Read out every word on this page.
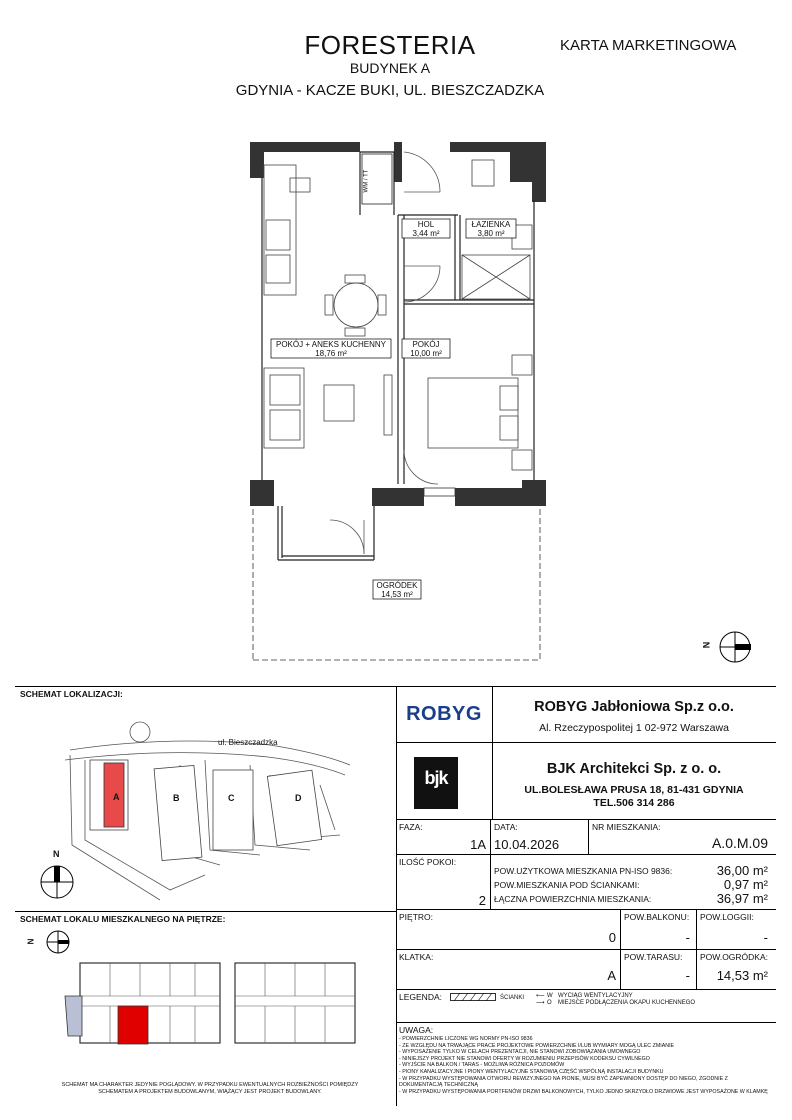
FORESTERIA
BUDYNEK A
GDYNIA - KACZE BUKI, UL. BIESZCZADZKA
KARTA MARKETINGOWA
WM / TT
HOL
3,44 m²
ŁAZIENKA
3,80 m²
POKÓJ + ANEKS KUCHENNY
18,76 m²
POKÓJ
10,00 m²
OGRÓDEK
14,53 m²
N
SCHEMAT LOKALIZACJI:
ul. Bieszczadzka
A	B	C	D
N
SCHEMAT LOKALU MIESZKALNEGO NA PIĘTRZE:
N
SCHEMAT MA CHARAKTER JEDYNIE POGLĄDOWY. W PRZYPADKU EWENTUALNYCH ROZBIEŻNOŚCI POMIĘDZY SCHEMATEM A PROJEKTEM BUDOWLANYM, WIĄŻĄCY JEST PROJEKT BUDOWLANY.
ROBYG	ROBYG Jabłoniowa Sp.z o.o.
Al. Rzeczypospolitej 1 02-972 Warszawa
bjk	BJK Architekci Sp. z o. o.
UL.BOLESŁAWA PRUSA 18, 81-431 GDYNIA
TEL.506 314 286
FAZA:
1A
DATA:
10.04.2026
NR MIESZKANIA:
A.0.M.09
ILOŚĆ POKOI:
2
POW.UŻYTKOWA MIESZKANIA PN-ISO 9836:	36,00 m²
POW.MIESZKANIA POD ŚCIANKAMI:	0,97 m²
ŁĄCZNA POWIERZCHNIA MIESZKANIA:	36,97 m²
PIĘTRO:
0
POW.BALKONU:
-
POW.LOGGII:
-
KLATKA:
A
POW.TARASU:
-
POW.OGRÓDKA:
14,53 m²
LEGENDA:	ŚCIANKI ⟵ W
⟶ O
WYCIĄG WENTYLACYJNY
MIEJSCE PODŁĄCZENIA OKAPU KUCHENNEGO
UWAGA:
- POWIERZCHNIE LICZONE WG NORMY PN-ISO 9836
- ZE WZGLĘDU NA TRWAJĄCE PRACE PROJEKTOWE POWIERZCHNIE I/LUB WYMIARY MOGĄ ULEC ZMIANIE
- WYPOSAŻENIE TYLKO W CELACH PREZENTACJI, NIE STANOWI ZOBOWIĄZANIA UMOWNEGO
- NINIEJSZY PROJEKT NIE STANOWI OFERTY W ROZUMIENIU PRZEPISÓW KODEKSU CYWILNEGO
- WYJŚCIE NA BALKON / TARAS - MOŻLIWA RÓŻNICA POZIOMÓW
- PIONY KANALIZACYJNE I PIONY WENTYLACYJNE STANOWIĄ CZĘŚĆ WSPÓLNĄ INSTALACJI BUDYNKU
- W PRZYPADKU WYSTĘPOWANIA OTWORU REWIZYJNEGO NA PIONIE, MUSI BYĆ ZAPEWNIONY DOSTĘP DO NIEGO, ZGODNIE Z DOKUMENTACJĄ TECHNICZNĄ
- W PRZYPADKU WYSTĘPOWANIA PORTFENÓW DRZWI BALKONOWYCH, TYLKO JEDNO SKRZYDŁO DRZWIOWE JEST WYPOSAŻONE W KLAMKĘ
